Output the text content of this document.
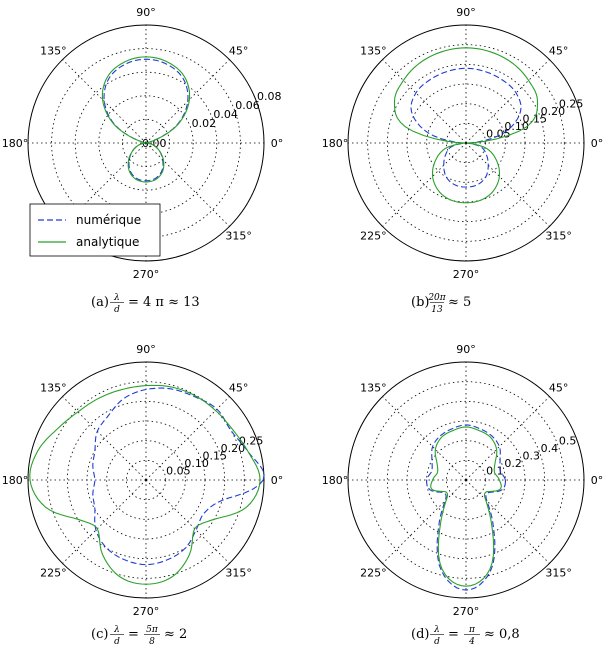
0°
45°
90°
135°
180°
270°
315°
0.00
0.02
0.04
0.06
0.08
(a) λ
d = 4 π ≈ 13
numérique
analytique
0°
45°
90°
135°
180°
225°
270°
315°
0.05
0.10
0.15
0.20
0.25
(b)
20π
13 ≈ 5
0°
45°
90°
135°
180°
225°
270°
315°
0.05
0.10
0.15
0.20
0.25
(c) λ
d = 5π
8 ≈ 2
0°
45°
90°
135°
180°
225°
270°
315°
0.1
0.2
0.3
0.4
0.5
(d) λ
d = π
4 ≈ 0,8
